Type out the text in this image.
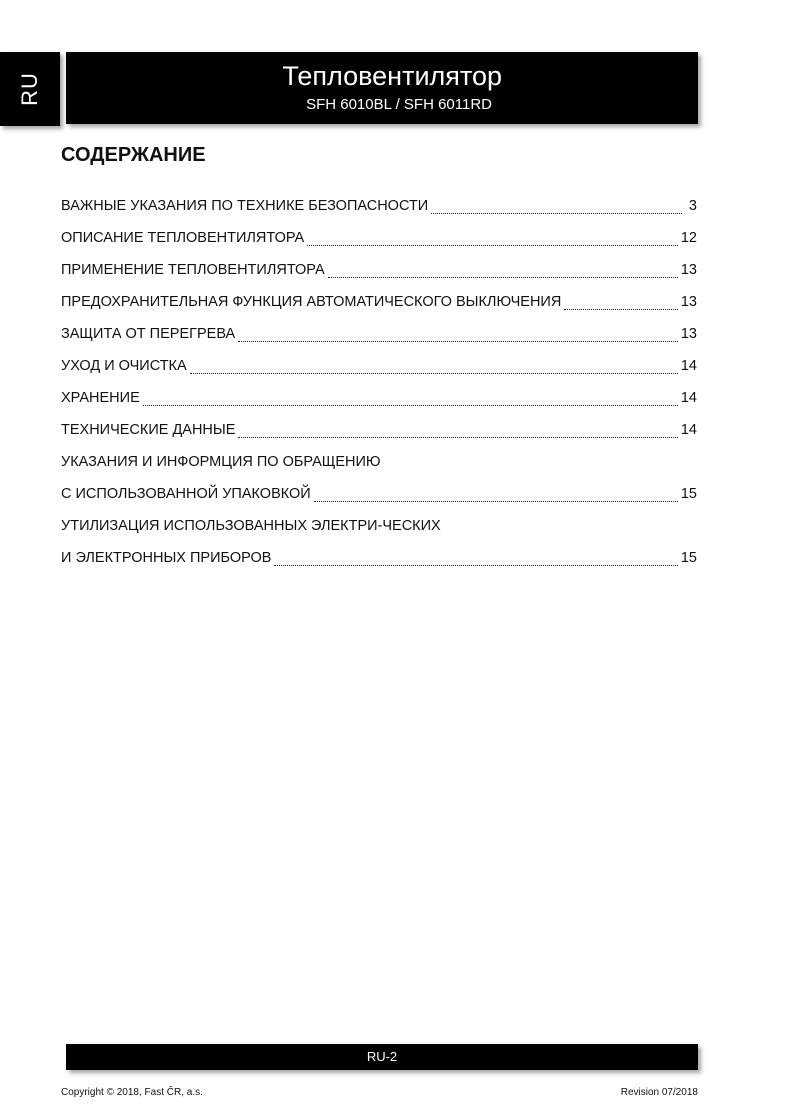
RU	Тепловентилятор
SFH 6010BL / SFH 6011RD
СОДЕРЖАНИЕ
ВАЖНЫЕ УКАЗАНИЯ ПО ТЕХНИКЕ БЕЗОПАСНОСТИ	3
ОПИСАНИЕ ТЕПЛОВЕНТИЛЯТОРА	12
ПРИМЕНЕНИЕ ТЕПЛОВЕНТИЛЯТОРА	13
ПРЕДОХРАНИТЕЛЬНАЯ ФУНКЦИЯ АВТОМАТИЧЕСКОГО ВЫКЛЮЧЕНИЯ	13
ЗАЩИТА ОТ ПЕРЕГРЕВА	13
УХОД И ОЧИСТКА	14
ХРАНЕНИЕ	14
ТЕХНИЧЕСКИЕ ДАННЫЕ	14
УКАЗАНИЯ И ИНФОРМЦИЯ ПО ОБРАЩЕНИЮ
С ИСПОЛЬЗОВАННОЙ УПАКОВКОЙ	15
УТИЛИЗАЦИЯ ИСПОЛЬЗОВАННЫХ ЭЛЕКТРИ-ЧЕСКИХ
И ЭЛЕКТРОННЫХ ПРИБОРОВ	15
RU-2
Copyright © 2018, Fast ČR, a.s.	Revision 07/2018
